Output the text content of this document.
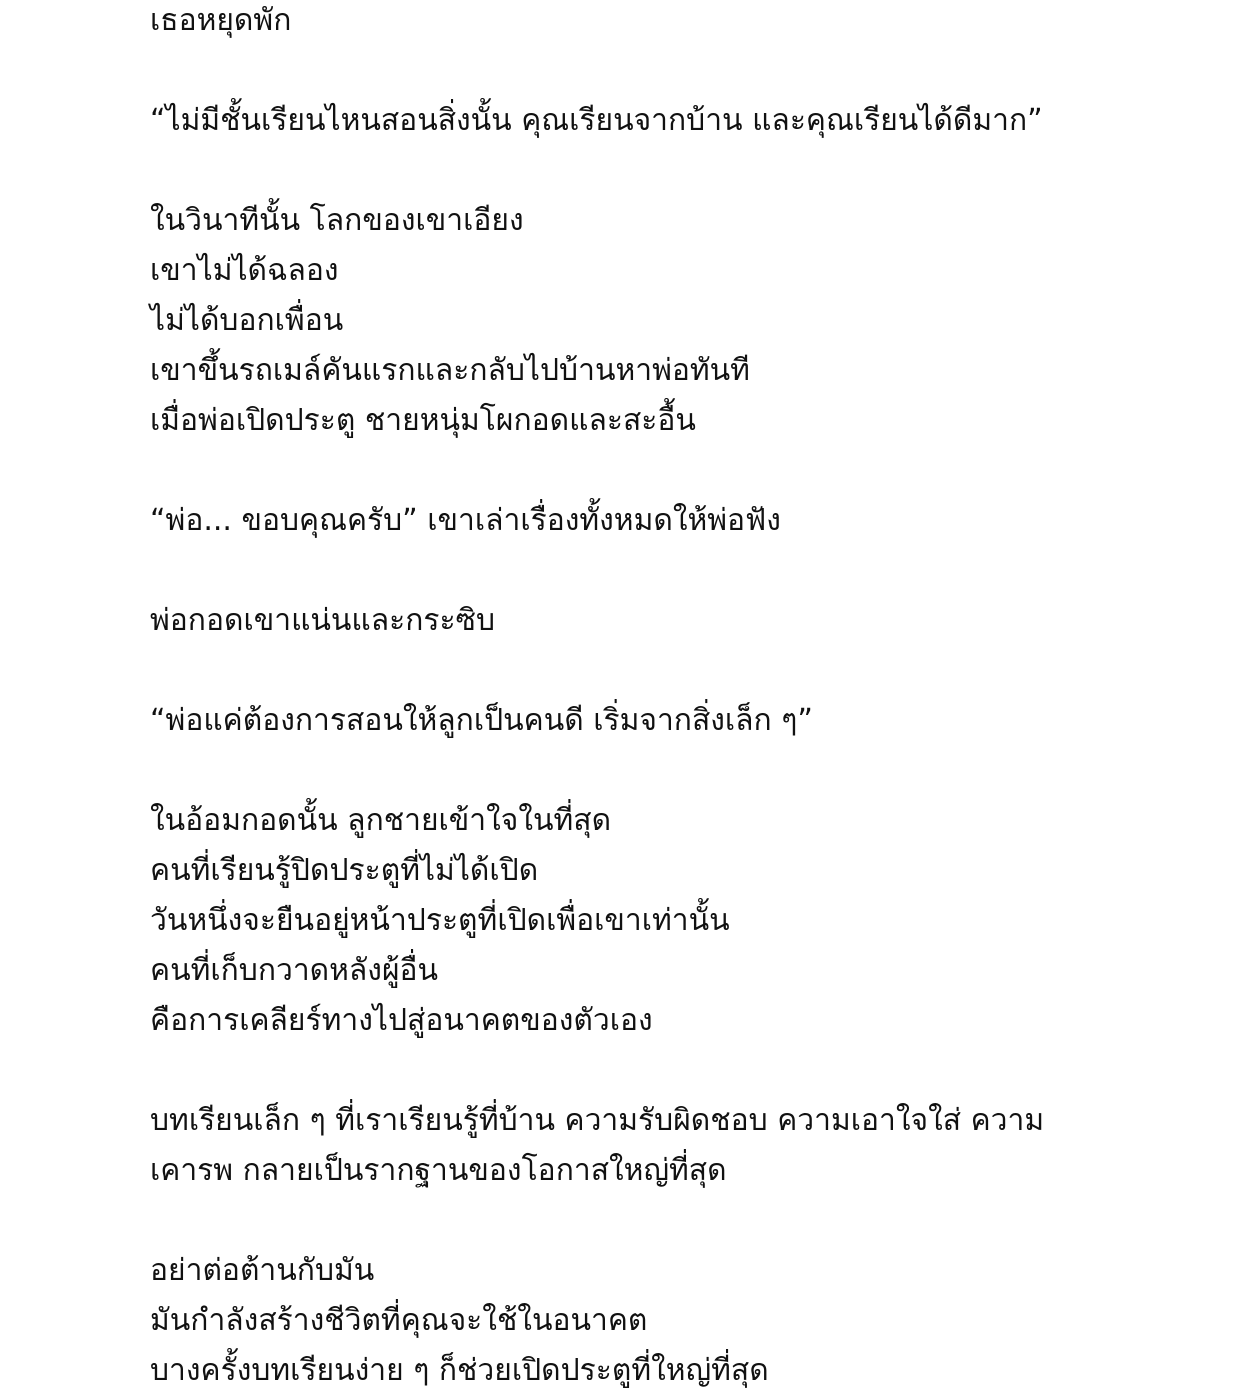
เธอหยุดพัก

“ไม่มีชั้นเรียนไหนสอนสิ่งนั้น คุณเรียนจากบ้าน และคุณเรียนได้ดีมาก”

ในวินาทีนั้น โลกของเขาเอียง
เขาไม่ได้ฉลอง
ไม่ได้บอกเพื่อน
เขาขึ้นรถเมล์คันแรกและกลับไปบ้านหาพ่อทันที
เมื่อพ่อเปิดประตู ชายหนุ่มโผกอดและสะอื้น

“พ่อ... ขอบคุณครับ” เขาเล่าเรื่องทั้งหมดให้พ่อฟัง

พ่อกอดเขาแน่นและกระซิบ

“พ่อแค่ต้องการสอนให้ลูกเป็นคนดี เริ่มจากสิ่งเล็ก ๆ”

ในอ้อมกอดนั้น ลูกชายเข้าใจในที่สุด
คนที่เรียนรู้ปิดประตูที่ไม่ได้เปิด
วันหนึ่งจะยืนอยู่หน้าประตูที่เปิดเพื่อเขาเท่านั้น
คนที่เก็บกวาดหลังผู้อื่น
คือการเคลียร์ทางไปสู่อนาคตของตัวเอง

บทเรียนเล็ก ๆ ที่เราเรียนรู้ที่บ้าน ความรับผิดชอบ ความเอาใจใส่ ความ
เคารพ กลายเป็นรากฐานของโอกาสใหญ่ที่สุด

อย่าต่อต้านกับมัน
มันกำลังสร้างชีวิตที่คุณจะใช้ในอนาคต
บางครั้งบทเรียนง่าย ๆ ก็ช่วยเปิดประตูที่ใหญ่ที่สุด
